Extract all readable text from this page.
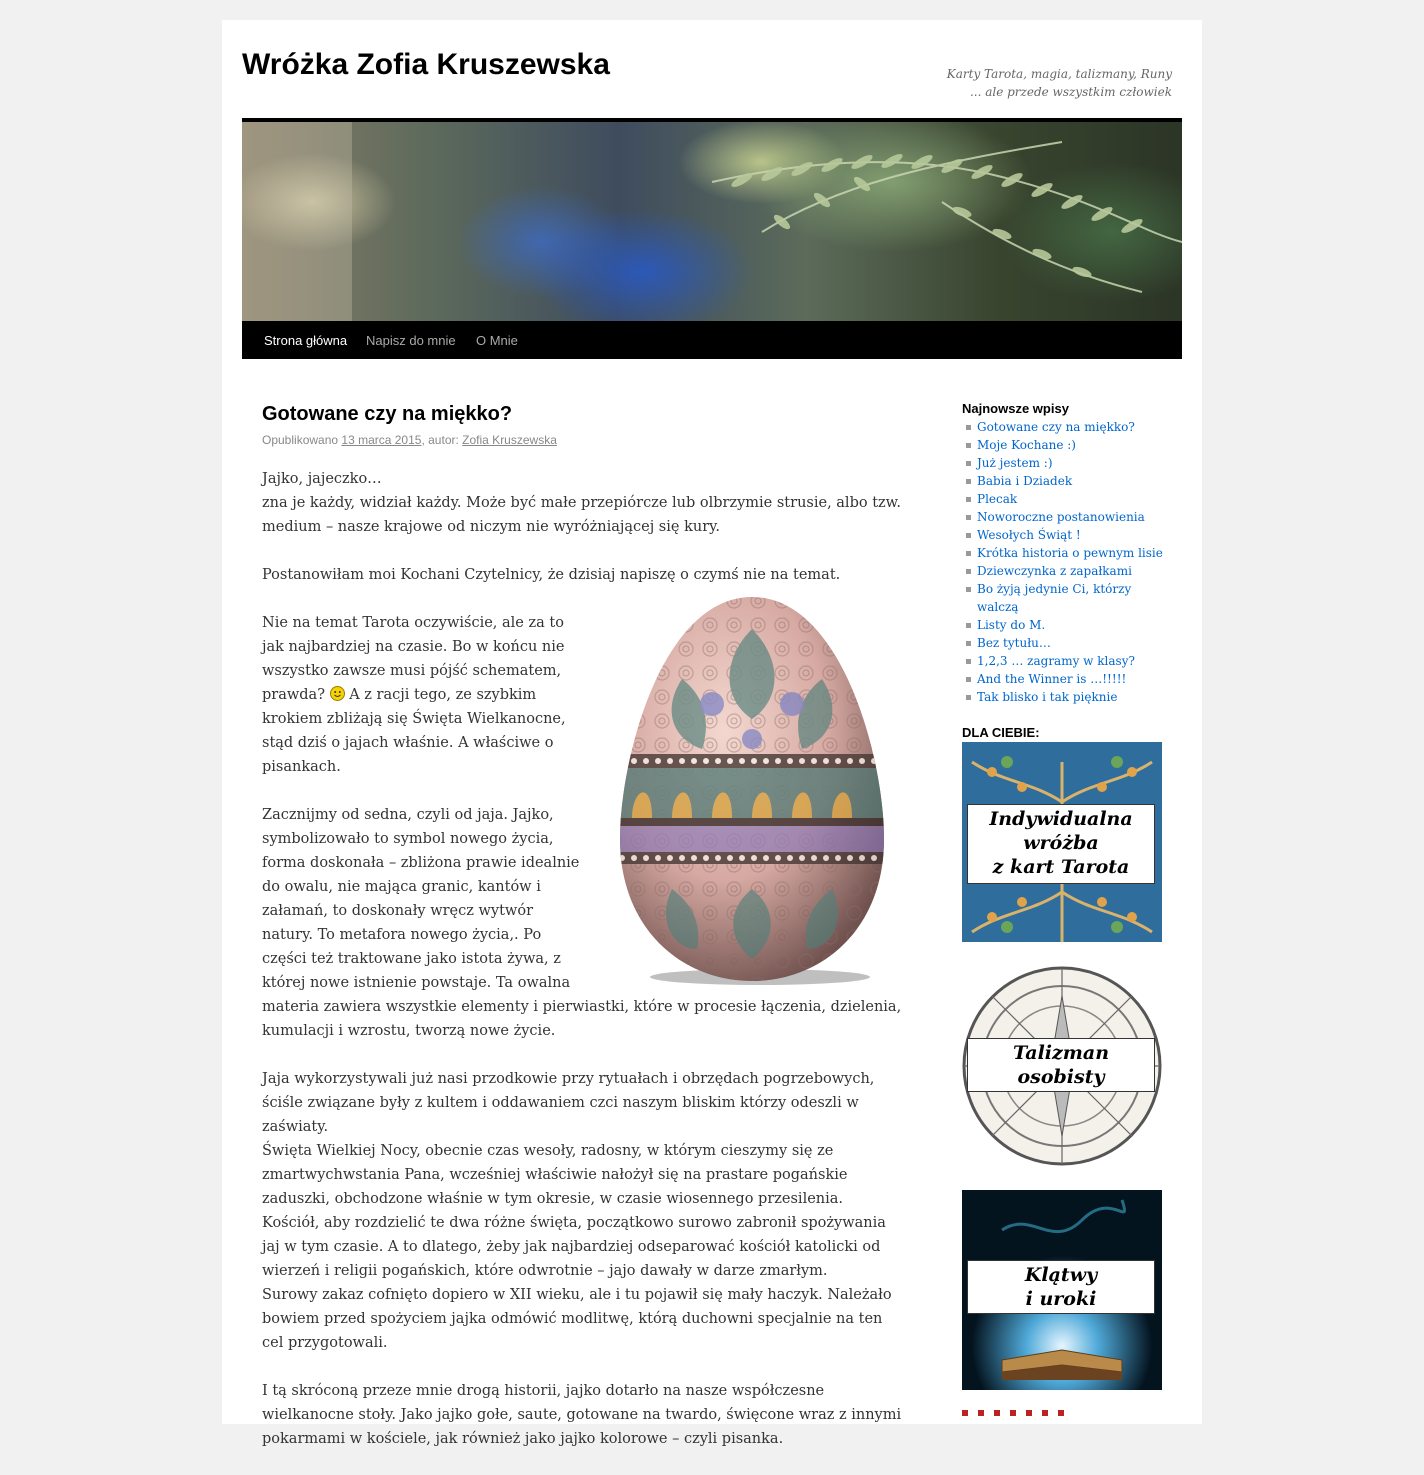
Wróżka Zofia Kruszewska	Karty Tarota, magia, talizmany, Runy
... ale przede wszystkim człowiek
Strona główna Napisz do mnie O Mnie
Gotowane czy na miękko?
Opublikowano 13 marca 2015, autor: Zofia Kruszewska

Jajko, jajeczko…
zna je każdy, widział każdy. Może być małe przepiórcze lub olbrzymie strusie, albo tzw. medium – nasze krajowe od niczym nie wyróżniającej się kury.

Postanowiłam moi Kochani Czytelnicy, że dzisiaj napiszę o czymś nie na temat.

Nie na temat Tarota oczywiście, ale za to jak najbardziej na czasie. Bo w końcu nie wszystko zawsze musi pójść schematem, prawda?
A z racji tego, ze szybkim krokiem zbliżają się Święta Wielkanocne, stąd dziś o jajach właśnie. A właściwe o pisankach.

Zacznijmy od sedna, czyli od jaja. Jajko, symbolizowało to symbol nowego życia, forma doskonała – zbliżona prawie idealnie do owalu, nie mająca granic, kantów i załamań, to doskonały wręcz wytwór natury. To metafora nowego życia,. Po części też traktowane jako istota żywa, z której nowe istnienie powstaje. Ta owalna materia zawiera wszystkie elementy i pierwiastki, które w procesie łączenia, dzielenia, kumulacji i wzrostu, tworzą nowe życie.

Jaja wykorzystywali już nasi przodkowie przy rytuałach i obrzędach pogrzebowych, ściśle związane były z kultem i oddawaniem czci naszym bliskim którzy odeszli w zaświaty.
Święta Wielkiej Nocy, obecnie czas wesoły, radosny, w którym cieszymy się ze zmartwychwstania Pana, wcześniej właściwie nałożył się na prastare pogańskie zaduszki, obchodzone właśnie w tym okresie, w czasie wiosennego przesilenia.
Kościół, aby rozdzielić te dwa różne święta, początkowo surowo zabronił spożywania jaj w tym czasie. A to dlatego, żeby jak najbardziej odseparować kościół katolicki od wierzeń i religii pogańskich, które odwrotnie – jajo dawały w darze zmarłym.
Surowy zakaz cofnięto dopiero w XII wieku, ale i tu pojawił się mały haczyk. Należało bowiem przed spożyciem jajka odmówić modlitwę, którą duchowni specjalnie na ten cel przygotowali.

I tą skróconą przeze mnie drogą historii, jajko dotarło na nasze współczesne wielkanocne stoły. Jako jajko gołe, saute, gotowane na twardo, święcone wraz z innymi pokarmami w kościele, jak również jako jajko kolorowe – czyli pisanka.

Najnowsze wpisy
Gotowane czy na miękko?
Moje Kochane :)
Już jestem :)
Babia i Dziadek
Plecak
Noworoczne postanowienia
Wesołych Świąt !
Krótka historia o pewnym lisie
Dziewczynka z zapałkami
Bo żyją jedynie Ci, którzy walczą
Listy do M.
Bez tytułu…
1,2,3 … zagramy w klasy?
And the Winner is …!!!!!
Tak blisko i tak pięknie
DLA CIEBIE:
Indywidualna
wróżba
z kart Tarota
Talizman
osobisty
Klątwy
i uroki
